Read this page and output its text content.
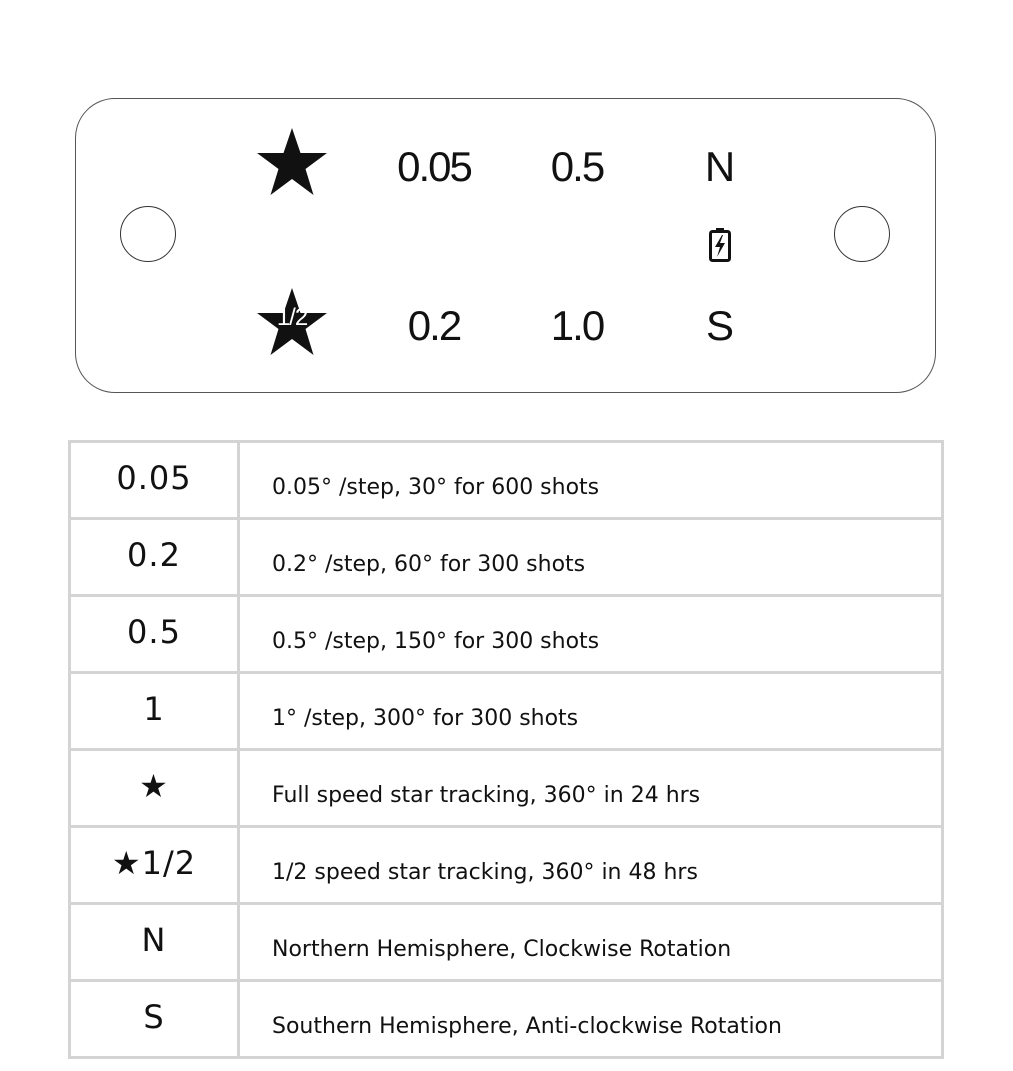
0.05 0.5 N
1/2 0.2 1.0 S
0.05	0.05° /step, 30° for 600 shots
0.2	0.2° /step, 60° for 300 shots
0.5	0.5° /step, 150° for 300 shots
1	1° /step, 300° for 300 shots
★	Full speed star tracking, 360° in 24 hrs
★1/2	1/2 speed star tracking, 360° in 48 hrs
N	Northern Hemisphere, Clockwise Rotation
S	Southern Hemisphere, Anti-clockwise Rotation
